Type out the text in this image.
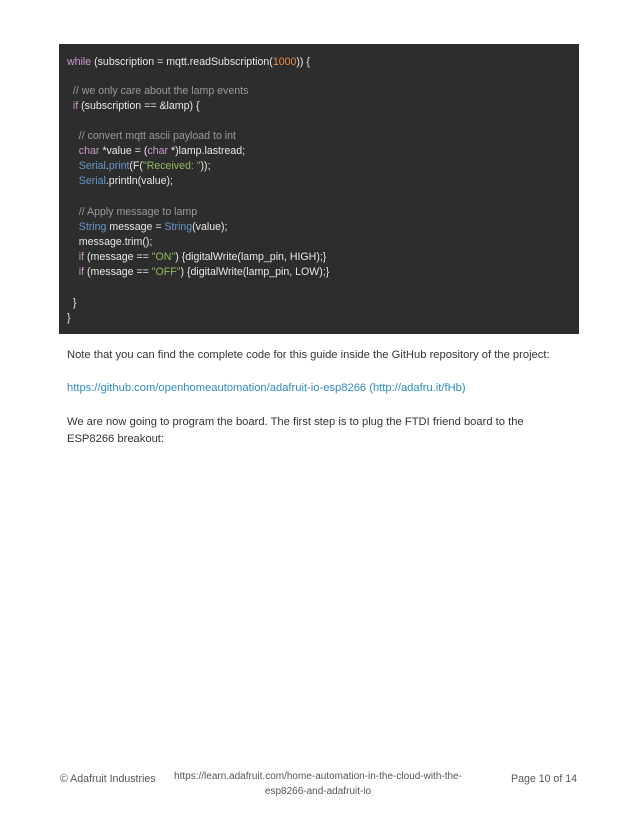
while (subscription = mqtt.readSubscription(1000)) {
// we only care about the lamp events
if (subscription == &lamp) {
// convert mqtt ascii payload to int
char *value = (char *)lamp.lastread;
Serial.print(F("Received: "));
Serial.println(value);
// Apply message to lamp
String message = String(value);
message.trim();
if (message == "ON") {digitalWrite(lamp_pin, HIGH);}
if (message == "OFF") {digitalWrite(lamp_pin, LOW);}
}
}
Note that you can find the complete code for this guide inside the GitHub repository of the project:
https://github.com/openhomeautomation/adafruit-io-esp8266 (http://adafru.it/fHb)
We are now going to program the board. The first step is to plug the FTDI friend board to the
ESP8266 breakout:
© Adafruit Industries	https://learn.adafruit.com/home-automation-in-the-cloud-with-the-
esp8266-and-adafruit-io
Page 10 of 14
